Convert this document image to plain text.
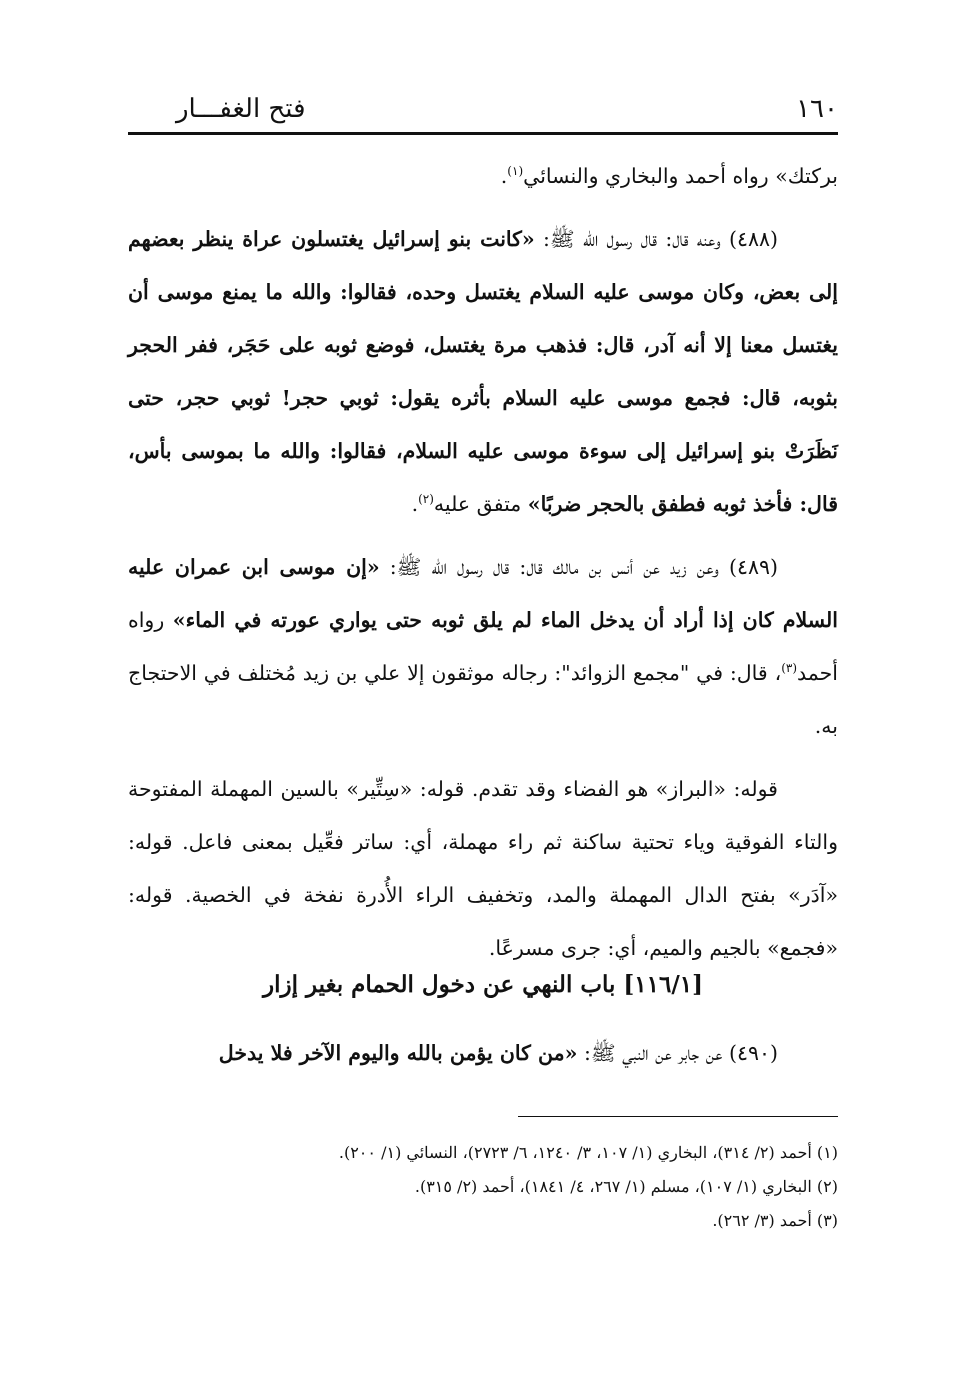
١٦٠
فتح الغفـــار

بركتك» رواه أحمد والبخاري والنسائي$^{(١)}$.

(٤٨٨) وعنه قال: قال رسول الله ﷺ: «كانت بنو إسرائيل يغتسلون عراة ينظر بعضهم إلى بعض، وكان موسى عليه السلام يغتسل وحده، فقالوا: والله ما يمنع موسى أن يغتسل معنا إلا أنه آدر، قال: فذهب مرة يغتسل، فوضع ثوبه على حَجَر، ففر الحجر بثوبه، قال: فجمع موسى عليه السلام بأثره يقول: ثوبي حجر! ثوبي حجر، حتى نَظَرَتْ بنو إسرائيل إلى سوءة موسى عليه السلام، فقالوا: والله ما بموسى بأس، قال: فأخذ ثوبه فطفق بالحجر ضربًا» متفق عليه$^{(٢)}$.

(٤٨٩) وعن زيد عن أنس بن مالك قال: قال رسول الله ﷺ: «إن موسى ابن عمران عليه السلام كان إذا أراد أن يدخل الماء لم يلق ثوبه حتى يواري عورته في الماء» رواه أحمد$^{(٣)}$، قال: في "مجمع الزوائد": رجاله موثقون إلا علي بن زيد مُختلف في الاحتجاج به.

قوله: «البراز» هو الفضاء وقد تقدم. قوله: «سِتِّير» بالسين المهملة المفتوحة والتاء الفوقية وياء تحتية ساكنة ثم راء مهملة، أي: ساتر فعِّيل بمعنى فاعل. قوله: «آدَر» بفتح الدال المهملة والمد، وتخفيف الراء الأُدرة نفخة في الخصية. قوله: «فجمع» بالجيم والميم، أي: جرى مسرعًا.

[١١٦/١] باب النهي عن دخول الحمام بغير إزار

(٤٩٠) عن جابر عن النبي ﷺ: «من كان يؤمن بالله واليوم الآخر فلا يدخل

(١) أحمد (٢/ ٣١٤)، البخاري (١/ ١٠٧، ٣/ ١٢٤٠، ٦/ ٢٧٢٣)، النسائي (١/ ٢٠٠).

(٢) البخاري (١/ ١٠٧)، مسلم (١/ ٢٦٧، ٤/ ١٨٤١)، أحمد (٢/ ٣١٥).

(٣) أحمد (٣/ ٢٦٢).
